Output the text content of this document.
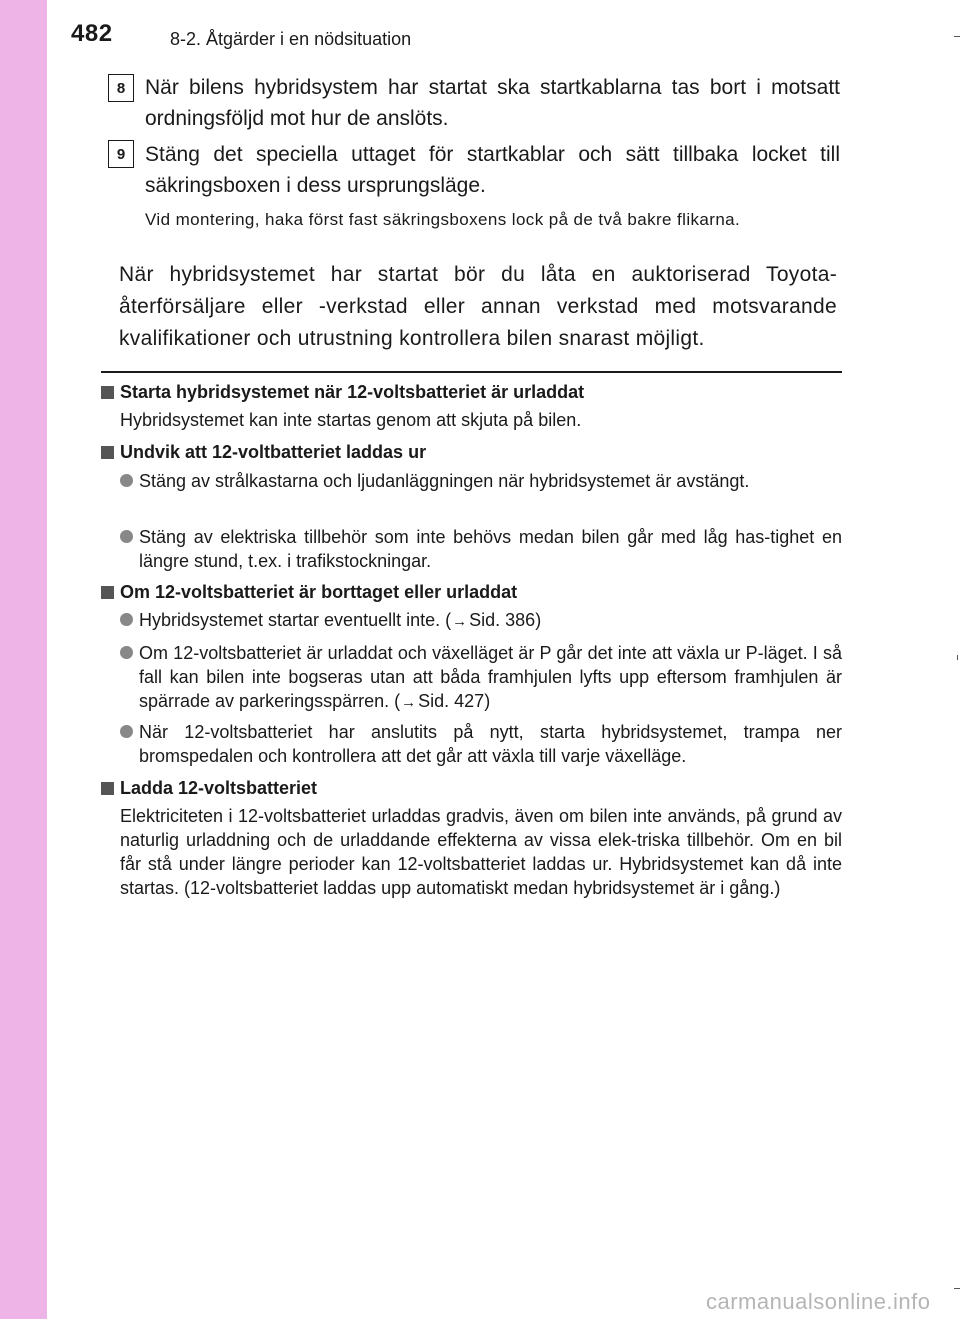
482	8-2. Åtgärder i en nödsituation
8 När bilens hybridsystem har startat ska startkablarna tas bort i motsatt ordningsföljd mot hur de anslöts.
9 Stäng det speciella uttaget för startkablar och sätt tillbaka locket till säkringsboxen i dess ursprungsläge.
Vid montering, haka först fast säkringsboxens lock på de två bakre flikarna.
När hybridsystemet har startat bör du låta en auktoriserad Toyota-återförsäljare eller -verkstad eller annan verkstad med motsvarande kvalifikationer och utrustning kontrollera bilen snarast möjligt.
Starta hybridsystemet när 12-voltsbatteriet är urladdat
Hybridsystemet kan inte startas genom att skjuta på bilen.
Undvik att 12-voltbatteriet laddas ur
Stäng av strålkastarna och ljudanläggningen när hybridsystemet är avstängt.
Stäng av elektriska tillbehör som inte behövs medan bilen går med låg has-tighet en längre stund, t.ex. i trafikstockningar.
Om 12-voltsbatteriet är borttaget eller urladdat
Hybridsystemet startar eventuellt inte. (→ Sid. 386)
Om 12-voltsbatteriet är urladdat och växelläget är P går det inte att växla ur P-läget. I så fall kan bilen inte bogseras utan att båda framhjulen lyfts upp eftersom framhjulen är spärrade av parkeringsspärren. (→ Sid. 427)
När 12-voltsbatteriet har anslutits på nytt, starta hybridsystemet, trampa ner bromspedalen och kontrollera att det går att växla till varje växelläge.
Ladda 12-voltsbatteriet
Elektriciteten i 12-voltsbatteriet urladdas gradvis, även om bilen inte används, på grund av naturlig urladdning och de urladdande effekterna av vissa elek-triska tillbehör. Om en bil får stå under längre perioder kan 12-voltsbatteriet laddas ur. Hybridsystemet kan då inte startas. (12-voltsbatteriet laddas upp automatiskt medan hybridsystemet är i gång.)
carmanualsonline.info
